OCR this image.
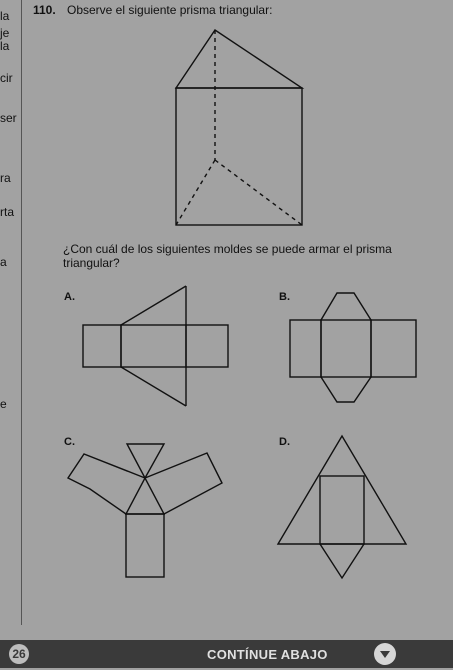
la
je
la
cir
ser
ra
rta
a
e
110. Observe el siguiente prisma triangular:
¿Con cuál de los siguientes moldes se puede armar el prisma triangular?
A.	B.
C.	D.
26	CONTÍNUE ABAJO
